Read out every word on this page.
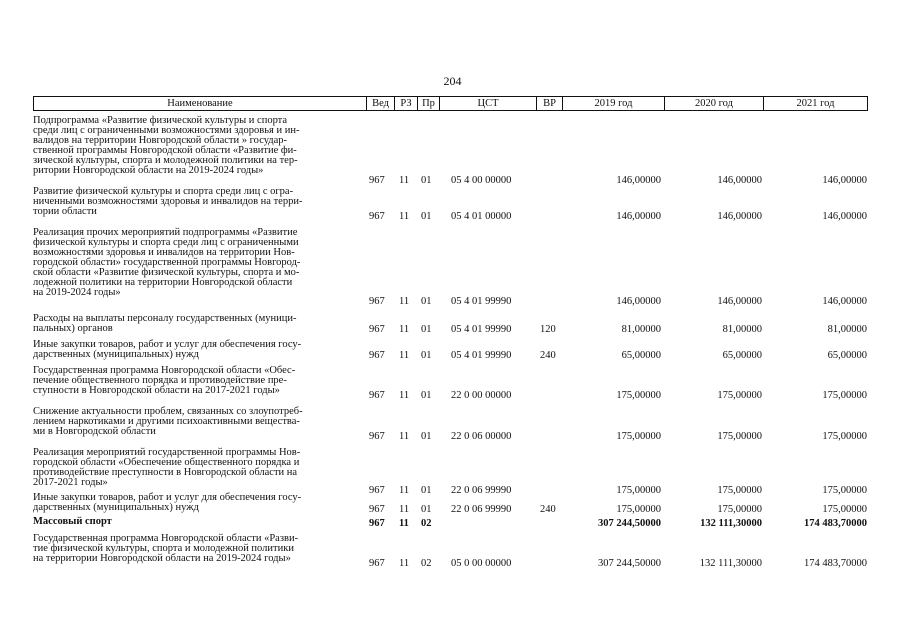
204
Наименование	Вед	РЗ Пр	ЦСТ	ВР	2019 год	2020 год	2021 год
Подпрограмма «Развитие физической культуры и спорта
среди лиц с ограниченными возможностями здоровья и ин-
валидов на территории Новгородской области » государ-
ственной программы Новгородской области «Развитие фи-
зической культуры, спорта и молодежной политики на тер-
ритории Новгородской области на 2019-2024 годы»
967 11 01 05 4 00 00000	146,00000	146,00000	146,00000
Развитие физической культуры и спорта среди лиц с огра-
ниченными возможностями здоровья и инвалидов на терри-
тории области	967 11 01 05 4 01 00000	146,00000	146,00000	146,00000
Реализация прочих мероприятий подпрограммы «Развитие
физической культуры и спорта среди лиц с ограниченными
возможностями здоровья и инвалидов на территории Нов-
городской области» государственной программы Новгород-
ской области «Развитие физической культуры, спорта и мо-
лодежной политики на территории Новгородской области
на 2019-2024 годы»
967 11 01 05 4 01 99990	146,00000	146,00000	146,00000
Расходы на выплаты персоналу государственных (муници-
пальных) органов	967 11 01 05 4 01 99990	120	81,00000	81,00000	81,00000
Иные закупки товаров, работ и услуг для обеспечения госу-
дарственных (муниципальных) нужд	967 11 01 05 4 01 99990	240	65,00000	65,00000	65,00000
Государственная программа Новгородской области «Обес-
печение общественного порядка и противодействие пре-
ступности в Новгородской области на 2017-2021 годы»	967 11 01 22 0 00 00000	175,00000	175,00000	175,00000
Снижение актуальности проблем, связанных со злоупотреб-
лением наркотиками и другими психоактивными вещества-
ми в Новгородской области	967 11 01 22 0 06 00000	175,00000	175,00000	175,00000
Реализация мероприятий государственной программы Нов-
городской области «Обеспечение общественного порядка и
противодействие преступности в Новгородской области на
2017-2021 годы»
967 11 01 22 0 06 99990	175,00000	175,00000	175,00000
Иные закупки товаров, работ и услуг для обеспечения госу-
дарственных (муниципальных) нужд	967 11 01 22 0 06 99990	240	175,00000	175,00000	175,00000
Массовый спорт	967 11 02	307 244,50000	132 111,30000	174 483,70000
Государственная программа Новгородской области «Разви-
тие физической культуры, спорта и молодежной политики
на территории Новгородской области на 2019-2024 годы»	967 11 02 05 0 00 00000	307 244,50000	132 111,30000	174 483,70000
